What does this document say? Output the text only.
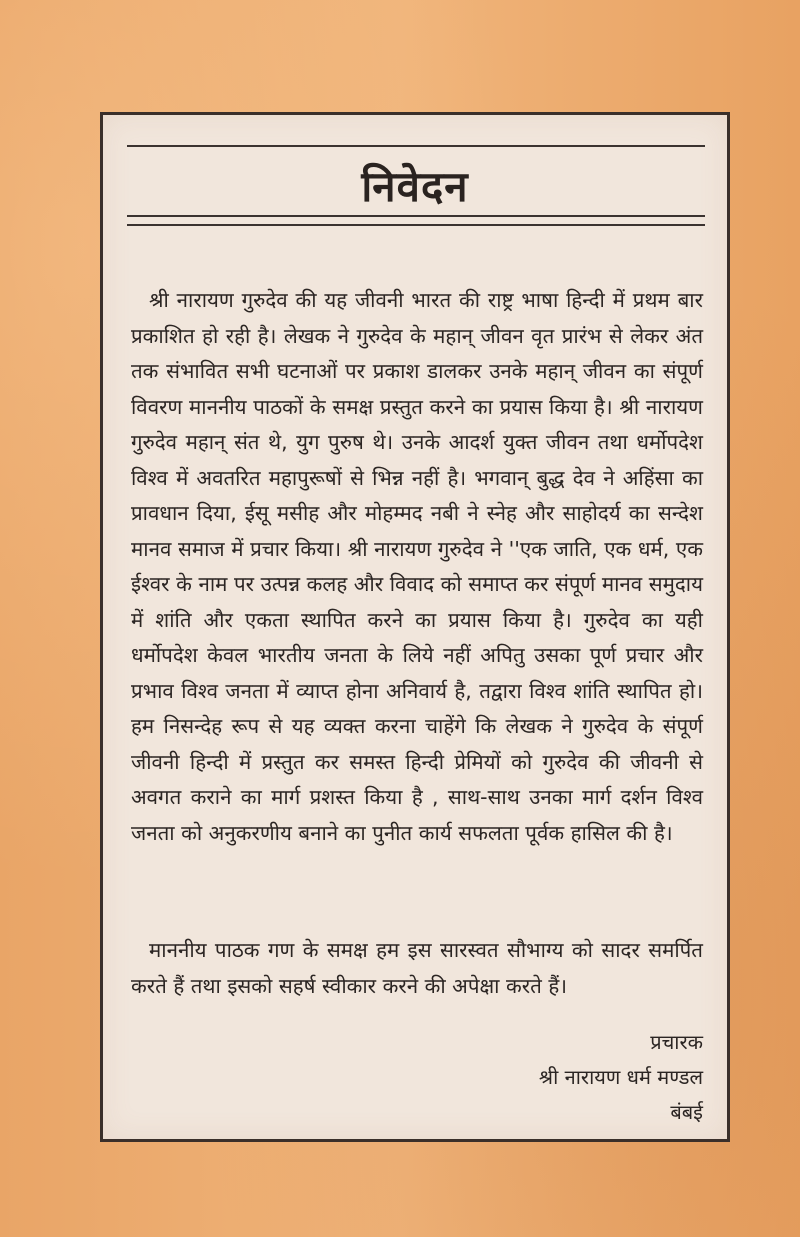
निवेदन
श्री नारायण गुरुदेव की यह जीवनी भारत की राष्ट्र भाषा हिन्दी में प्रथम बार प्रकाशित हो रही है। लेखक ने गुरुदेव के महान् जीवन वृत प्रारंभ से लेकर अंत तक संभावित सभी घटनाओं पर प्रकाश डालकर उनके महान् जीवन का संपूर्ण विवरण माननीय पाठकों के समक्ष प्रस्तुत करने का प्रयास किया है। श्री नारायण गुरुदेव महान् संत थे, युग पुरुष थे। उनके आदर्श युक्त जीवन तथा धर्मोपदेश विश्व में अवतरित महापुरूषों से भिन्न नहीं है। भगवान् बुद्ध देव ने अहिंसा का प्रावधान दिया, ईसू मसीह और मोहम्मद नबी ने स्नेह और साहोदर्य का सन्देश मानव समाज में प्रचार किया। श्री नारायण गुरुदेव ने ''एक जाति, एक धर्म, एक ईश्वर के नाम पर उत्पन्न कलह और विवाद को समाप्त कर संपूर्ण मानव समुदाय में शांति और एकता स्थापित करने का प्रयास किया है। गुरुदेव का यही धर्मोपदेश केवल भारतीय जनता के लिये नहीं अपितु उसका पूर्ण प्रचार और प्रभाव विश्व जनता में व्याप्त होना अनिवार्य है, तद्वारा विश्व शांति स्थापित हो। हम निसन्देह रूप से यह व्यक्त करना चाहेंगे कि लेखक ने गुरुदेव के संपूर्ण जीवनी हिन्दी में प्रस्तुत कर समस्त हिन्दी प्रेमियों को गुरुदेव की जीवनी से अवगत कराने का मार्ग प्रशस्त किया है , साथ-साथ उनका मार्ग दर्शन विश्व जनता को अनुकरणीय बनाने का पुनीत कार्य सफलता पूर्वक हासिल की है।
माननीय पाठक गण के समक्ष हम इस सारस्वत सौभाग्य को सादर समर्पित करते हैं तथा इसको सहर्ष स्वीकार करने की अपेक्षा करते हैं।
प्रचारक
श्री नारायण धर्म मण्डल
बंबई
